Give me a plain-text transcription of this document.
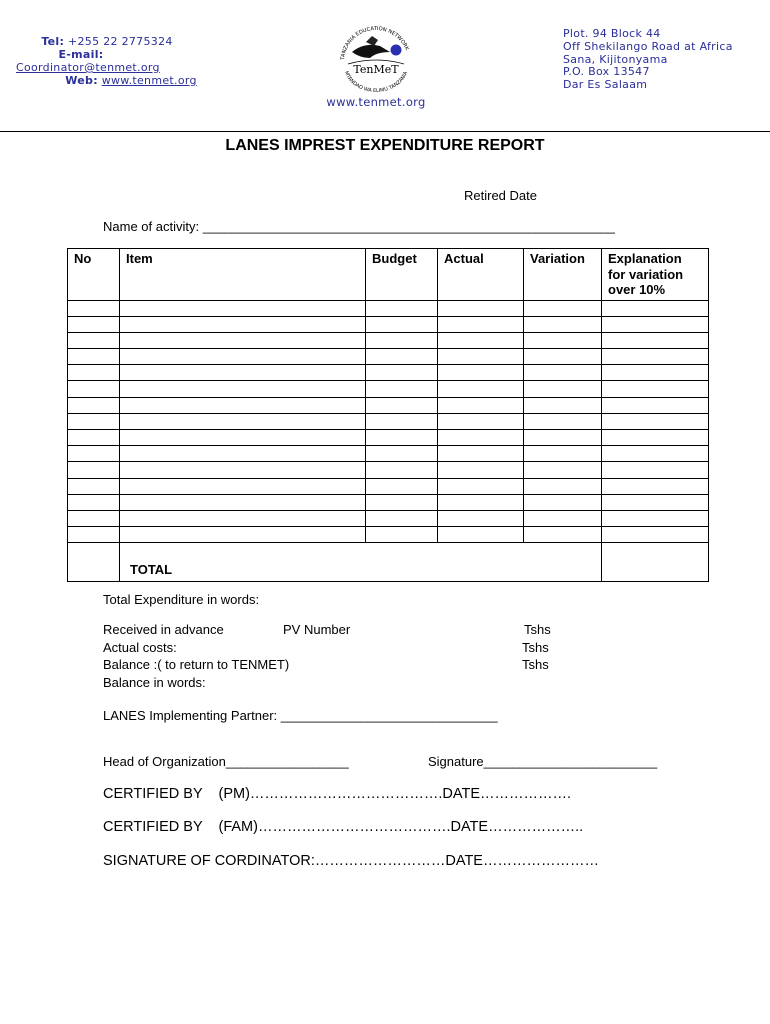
Tel: +255 22 2775324
E-mail:
Coordinator@tenmet.org
Web: www.tenmet.org
TANZANIA EDUCATION NETWORK
MTANDAO WA ELIMU TANZANIA
TenMeT
www.tenmet.org
Plot. 94 Block 44
Off Shekilango Road at Africa
Sana, Kijitonyama
P.O. Box 13547
Dar Es Salaam
LANES IMPREST EXPENDITURE REPORT
Retired Date
Name of activity: _________________________________________________________
No	Item	Budget	Actual	Variation	Explanation for variation over 10%

	TOTAL				
Total Expenditure in words:
Received in advance	PV Number	Tshs
Actual costs:	Tshs
Balance :( to return to TENMET)	Tshs
Balance in words:
LANES Implementing Partner: ______________________________
Head of Organization_________________	Signature________________________
CERTIFIED BY    (PM)………………………………….DATE……………….
CERTIFIED BY    (FAM)………………………………….DATE………………..
SIGNATURE OF CORDINATOR:………………………DATE……………………
